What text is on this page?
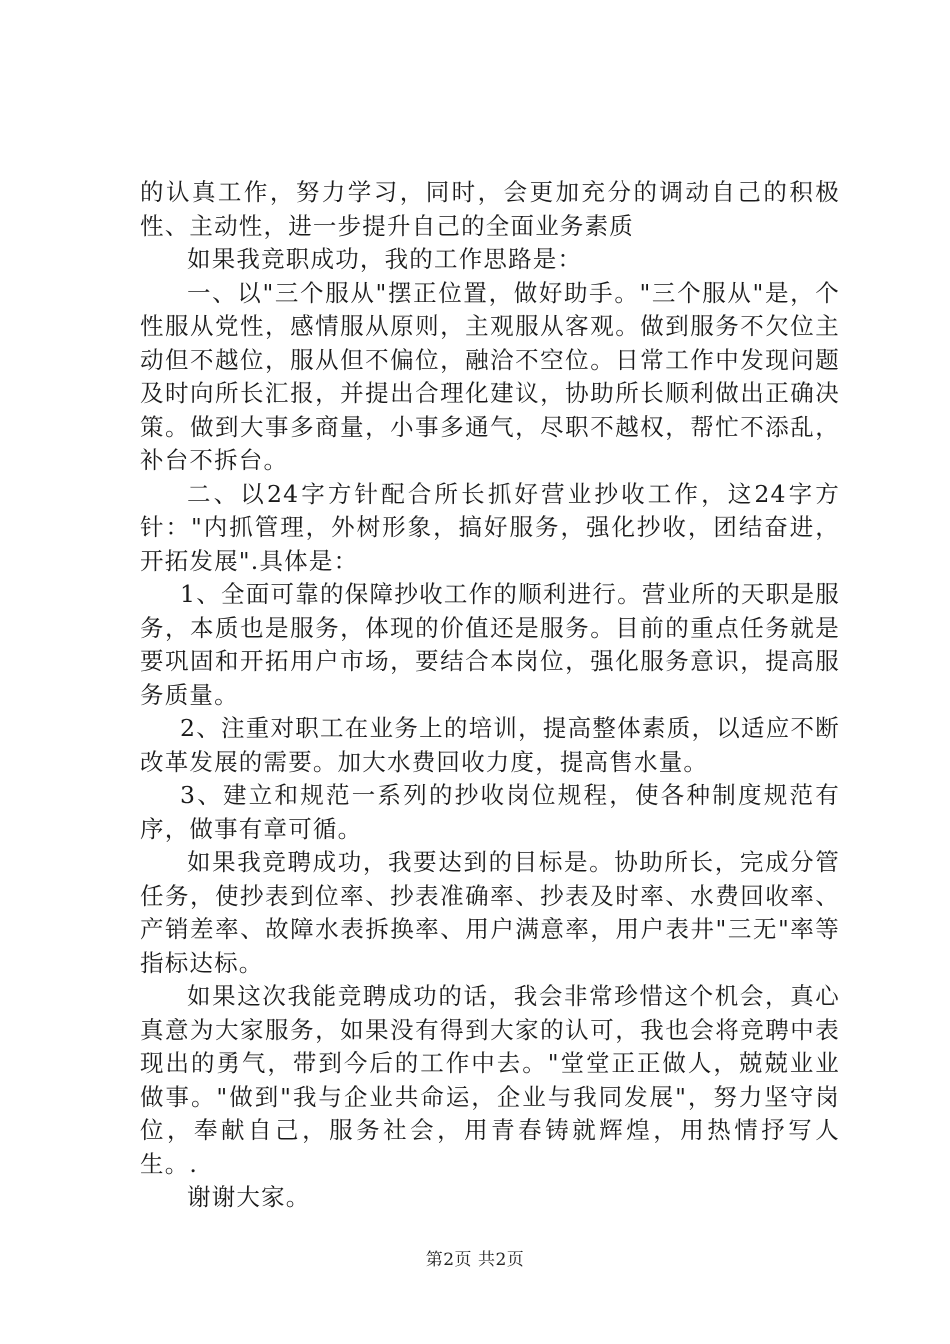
的认真工作，努力学习，同时，会更加充分的调动自己的积极性、主动性，进一步提升自己的全面业务素质

如果我竞职成功，我的工作思路是：

一、以"三个服从"摆正位置，做好助手。"三个服从"是，个性服从党性，感情服从原则，主观服从客观。做到服务不欠位主动但不越位，服从但不偏位，融洽不空位。日常工作中发现问题及时向所长汇报，并提出合理化建议，协助所长顺利做出正确决策。做到大事多商量，小事多通气，尽职不越权，帮忙不添乱，补台不拆台。

二、以24字方针配合所长抓好营业抄收工作，这24字方针："内抓管理，外树形象，搞好服务，强化抄收，团结奋进，开拓发展".具体是：

1、全面可靠的保障抄收工作的顺利进行。营业所的天职是服务，本质也是服务，体现的价值还是服务。目前的重点任务就是要巩固和开拓用户市场，要结合本岗位，强化服务意识，提高服务质量。

2、注重对职工在业务上的培训，提高整体素质，以适应不断改革发展的需要。加大水费回收力度，提高售水量。

3、建立和规范一系列的抄收岗位规程，使各种制度规范有序，做事有章可循。

如果我竞聘成功，我要达到的目标是。协助所长，完成分管任务，使抄表到位率、抄表准确率、抄表及时率、水费回收率、产销差率、故障水表拆换率、用户满意率，用户表井"三无"率等指标达标。

如果这次我能竞聘成功的话，我会非常珍惜这个机会，真心真意为大家服务，如果没有得到大家的认可，我也会将竞聘中表现出的勇气，带到今后的工作中去。"堂堂正正做人，兢兢业业做事。"做到"我与企业共命运，企业与我同发展"，努力坚守岗位，奉献自己，服务社会，用青春铸就辉煌，用热情抒写人生。.

谢谢大家。

第2页 共2页
